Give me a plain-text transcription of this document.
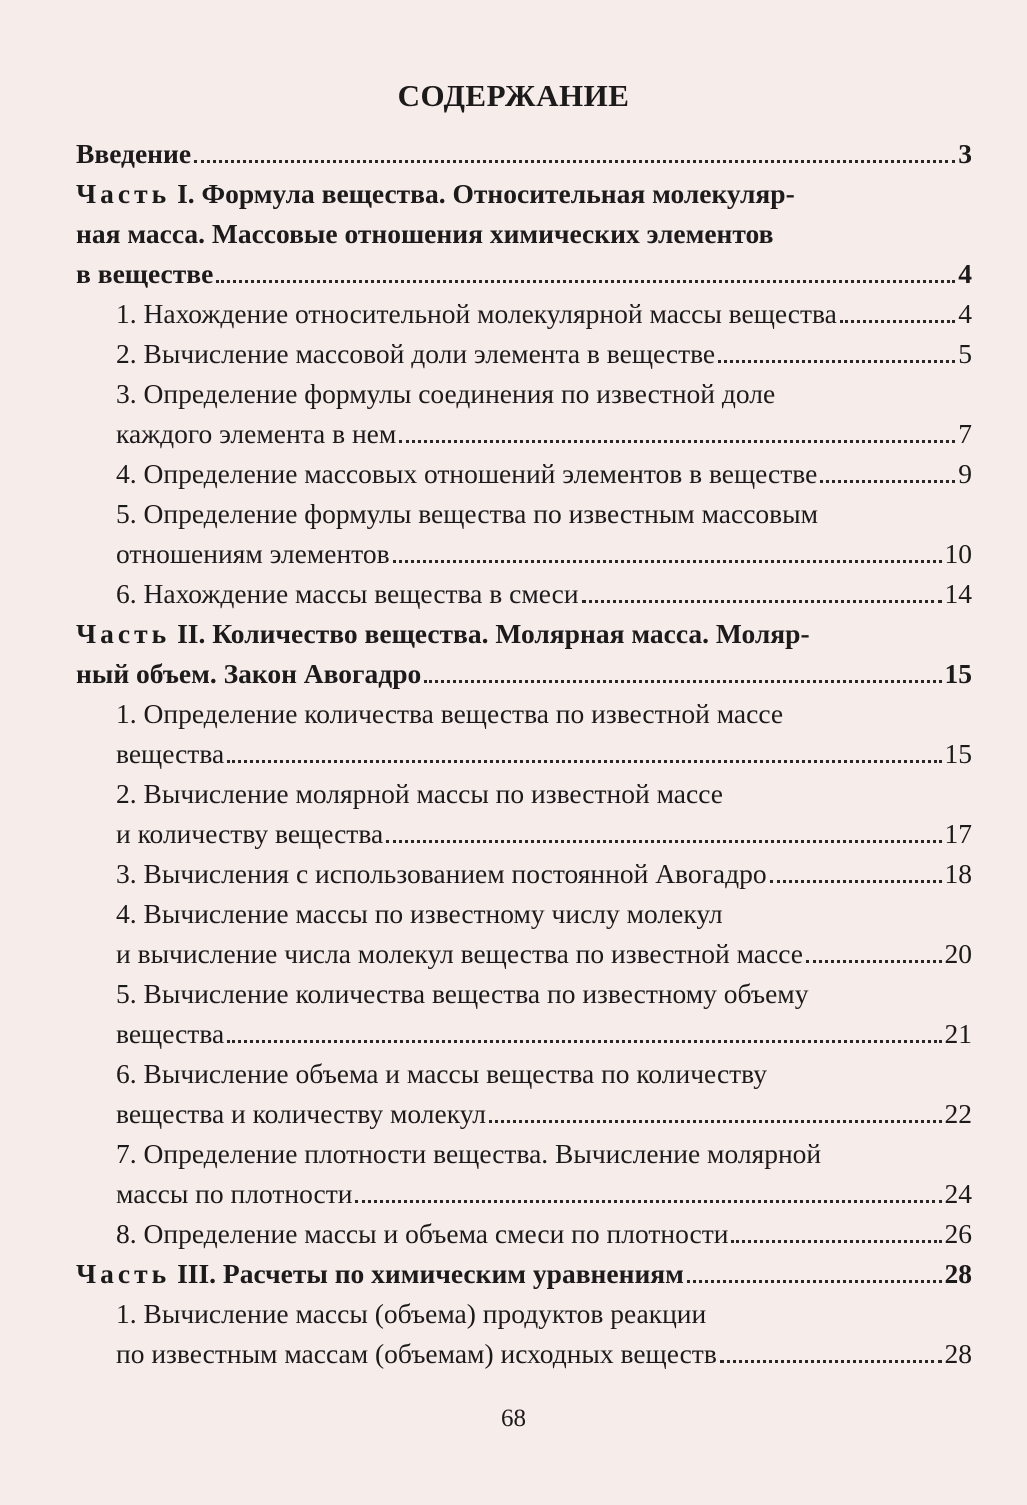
СОДЕРЖАНИЕ
Введение	3
Часть I. Формула вещества. Относительная молекуляр-
ная масса. Массовые отношения химических элементов
в веществе	4
1. Нахождение относительной молекулярной массы вещества	4
2. Вычисление массовой доли элемента в веществе	5
3. Определение формулы соединения по известной доле
каждого элемента в нем	7
4. Определение массовых отношений элементов в веществе	9
5. Определение формулы вещества по известным массовым
отношениям элементов	10
6. Нахождение массы вещества в смеси	14
Часть II. Количество вещества. Молярная масса. Моляр-
ный объем. Закон Авогадро	15
1. Определение количества вещества по известной массе
вещества	15
2. Вычисление молярной массы по известной массе
и количеству вещества	17
3. Вычисления с использованием постоянной Авогадро	18
4. Вычисление массы по известному числу молекул
и вычисление числа молекул вещества по известной массе	20
5. Вычисление количества вещества по известному объему
вещества	21
6. Вычисление объема и массы вещества по количеству
вещества и количеству молекул	22
7. Определение плотности вещества. Вычисление молярной
массы по плотности	24
8. Определение массы и объема смеси по плотности	26
Часть III. Расчеты по химическим уравнениям	28
1. Вычисление массы (объема) продуктов реакции
по известным массам (объемам) исходных веществ	28
68
